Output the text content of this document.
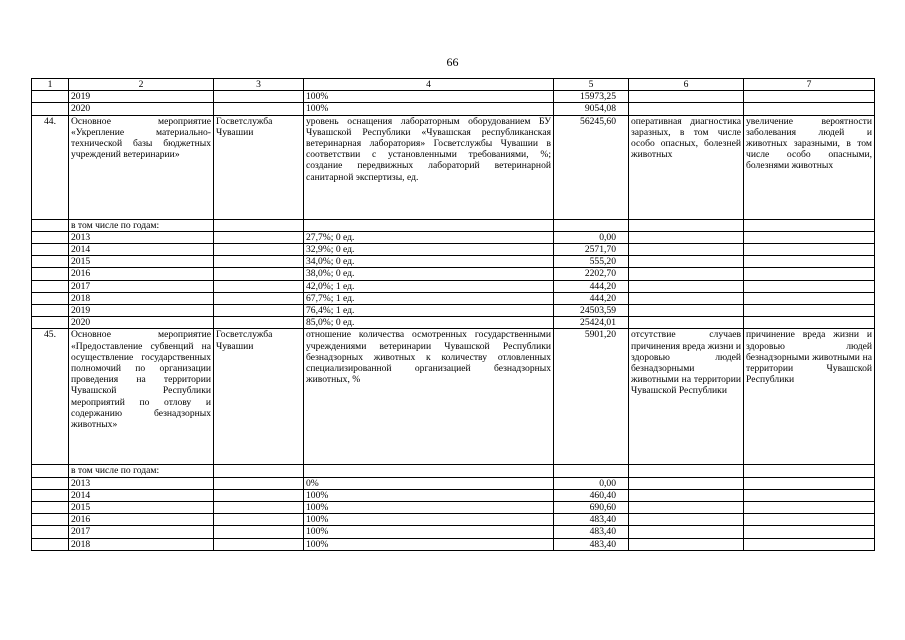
66
1	2	3	4	5	6	7
	2019		100%	15973,25		
	2020		100%	9054,08		
44.	Основное мероприятие «Укрепление материально-технической базы бюджетных учреждений ветеринарии»	Госветслужба Чувашии	уровень оснащения лабораторным оборудованием БУ Чувашской Республики «Чувашская республиканская ветеринарная лаборатория» Госветслужбы Чувашии в соответствии с установленными требованиями, %; создание передвижных лабораторий ветеринарной санитарной экспертизы, ед.	56245,60	оперативная диагностика заразных, в том числе особо опасных, болезней животных	увеличение вероятности заболевания людей и животных заразными, в том числе особо опасными, болезнями животных
	в том числе по годам:					
	2013		27,7%; 0 ед.	0,00		
	2014		32,9%; 0 ед.	2571,70		
	2015		34,0%; 0 ед.	555,20		
	2016		38,0%; 0 ед.	2202,70		
	2017		42,0%; 1 ед.	444,20		
	2018		67,7%; 1 ед.	444,20		
	2019		76,4%; 1 ед.	24503,59		
	2020		85,0%; 0 ед.	25424,01		
45.	Основное мероприятие «Предоставление субвенций на осуществление государственных полномочий по организации проведения на территории Чувашской Республики мероприятий по отлову и содержанию безнадзорных животных»	Госветслужба Чувашии	отношение количества осмотренных государственными учреждениями ветеринарии Чувашской Республики безнадзорных животных к количеству отловленных специализированной организацией безнадзорных животных, %	5901,20	отсутствие случаев причинения вреда жизни и здоровью людей безнадзорными животными на территории Чувашской Республики	причинение вреда жизни и здоровью людей безнадзорными животными на территории Чувашской Республики
	в том числе по годам:					
	2013		0%	0,00		
	2014		100%	460,40		
	2015		100%	690,60		
	2016		100%	483,40		
	2017		100%	483,40		
	2018		100%	483,40		
